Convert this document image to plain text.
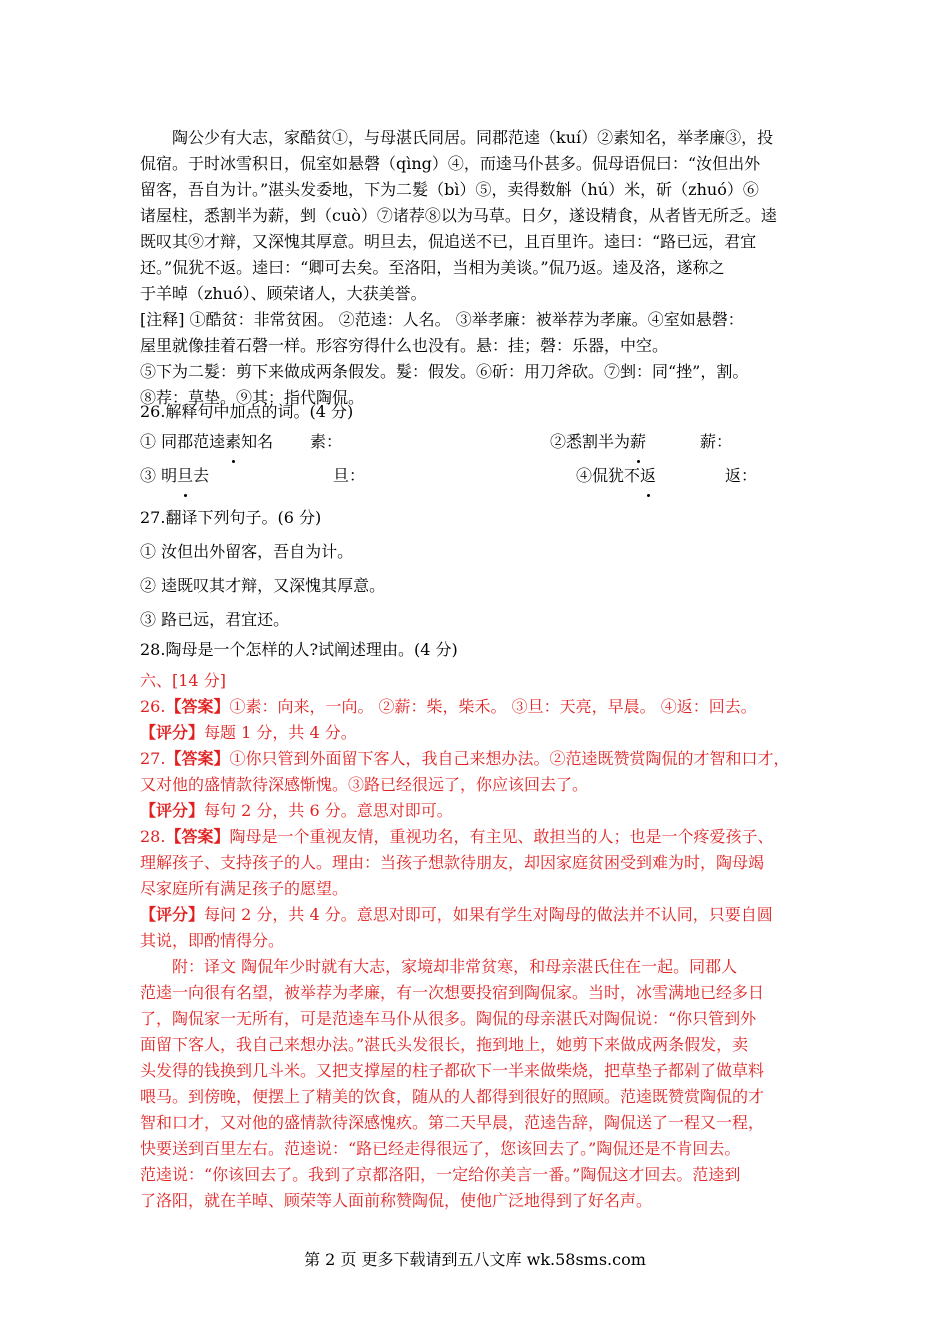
陶公少有大志，家酷贫①，与母湛氏同居。同郡范逵（kuí）②素知名，举孝廉③，投
侃宿。于时冰雪积日，侃室如悬磬（qìng）④，而逵马仆甚多。侃母语侃曰：“汝但出外
留客，吾自为计。”湛头发委地，下为二髮（bì）⑤，卖得数斛（hú）米，斫（zhuó）⑥
诸屋柱，悉割半为薪，剉（cuò）⑦诸荐⑧以为马草。日夕，遂设精食，从者皆无所乏。逵
既叹其⑨才辩，又深愧其厚意。明旦去，侃追送不已，且百里许。逵曰：“路已远，君宜
还。”侃犹不返。逵曰：“卿可去矣。至洛阳，当相为美谈。”侃乃返。逵及洛，遂称之
于羊晫（zhuó）、顾荣诸人，大获美誉。
[注释] ①酷贫：非常贫困。 ②范逵：人名。 ③举孝廉：被举荐为孝廉。④室如悬磬：
屋里就像挂着石磬一样。形容穷得什么也没有。悬：挂；磬：乐器，中空。
⑤下为二髮：剪下来做成两条假发。髮：假发。⑥斫：用刀斧砍。⑦剉：同“挫”，割。
⑧荐：草垫。⑨其：指代陶侃。
26.解释句中加点的词。(4 分)
① 同郡范逵素知名 素：	②悉割半为薪	薪：
③ 明旦去	旦：	④侃犹不返	返：
27.翻译下列句子。(6 分)
① 汝但出外留客，吾自为计。
② 逵既叹其才辩，又深愧其厚意。
③ 路已远，君宜还。
28.陶母是一个怎样的人?试阐述理由。(4 分)
六、[14 分]
26.【答案】①素：向来，一向。 ②薪：柴，柴禾。 ③旦：天亮，早晨。 ④返：回去。
【评分】每题 1 分，共 4 分。
27.【答案】①你只管到外面留下客人，我自己来想办法。②范逵既赞赏陶侃的才智和口才，
又对他的盛情款待深感惭愧。③路已经很远了，你应该回去了。
【评分】每句 2 分，共 6 分。意思对即可。
28.【答案】陶母是一个重视友情，重视功名，有主见、敢担当的人；也是一个疼爱孩子、
理解孩子、支持孩子的人。理由：当孩子想款待朋友，却因家庭贫困受到难为时，陶母竭
尽家庭所有满足孩子的愿望。
【评分】每问 2 分，共 4 分。意思对即可，如果有学生对陶母的做法并不认同，只要自圆
其说，即酌情得分。
附：译文 陶侃年少时就有大志，家境却非常贫寒，和母亲湛氏住在一起。同郡人
范逵一向很有名望，被举荐为孝廉，有一次想要投宿到陶侃家。当时，冰雪满地已经多日
了，陶侃家一无所有，可是范逵车马仆从很多。陶侃的母亲湛氏对陶侃说：“你只管到外
面留下客人，我自己来想办法。”湛氏头发很长，拖到地上，她剪下来做成两条假发，卖
头发得的钱换到几斗米。又把支撑屋的柱子都砍下一半来做柴烧，把草垫子都剁了做草料
喂马。到傍晚，便摆上了精美的饮食，随从的人都得到很好的照顾。范逵既赞赏陶侃的才
智和口才，又对他的盛情款待深感愧疚。第二天早晨，范逵告辞，陶侃送了一程又一程，
快要送到百里左右。范逵说：“路已经走得很远了，您该回去了。”陶侃还是不肯回去。
范逵说：“你该回去了。我到了京都洛阳，一定给你美言一番。”陶侃这才回去。范逵到
了洛阳，就在羊晫、顾荣等人面前称赞陶侃，使他广泛地得到了好名声。
第 2 页 更多下载请到五八文库 wk.58sms.com
